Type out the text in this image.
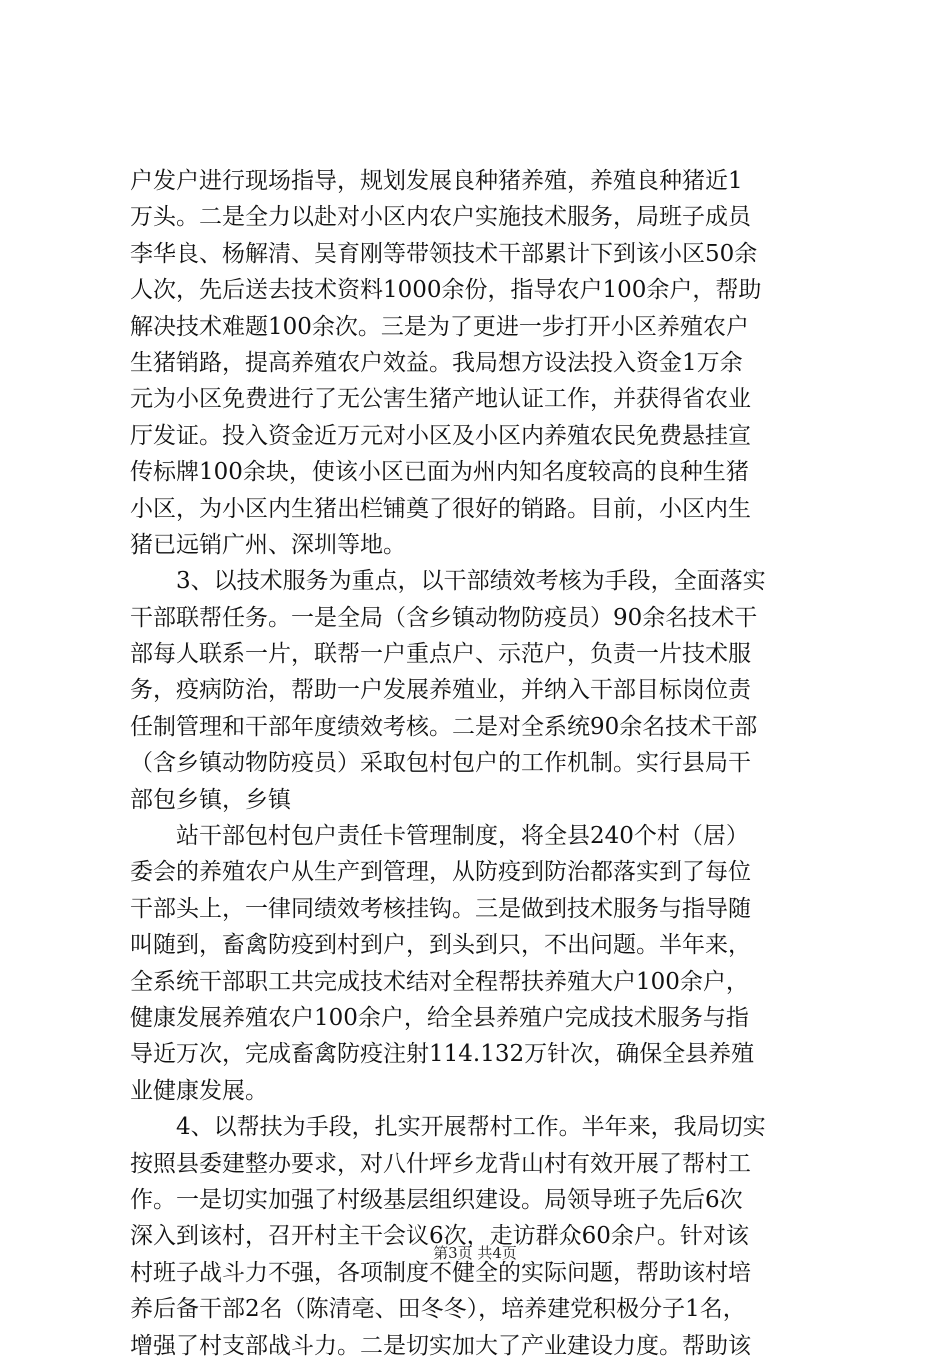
户发户进行现场指导，规划发展良种猪养殖，养殖良种猪近1
万头。二是全力以赴对小区内农户实施技术服务，局班子成员
李华良、杨解清、吴育刚等带领技术干部累计下到该小区50余
人次，先后送去技术资料1000余份，指导农户100余户，帮助
解决技术难题100余次。三是为了更进一步打开小区养殖农户
生猪销路，提高养殖农户效益。我局想方设法投入资金1万余
元为小区免费进行了无公害生猪产地认证工作，并获得省农业
厅发证。投入资金近万元对小区及小区内养殖农民免费悬挂宣
传标牌100余块，使该小区已面为州内知名度较高的良种生猪
小区，为小区内生猪出栏铺奠了很好的销路。目前，小区内生
猪已远销广州、深圳等地。
　　3、以技术服务为重点，以干部绩效考核为手段，全面落实
干部联帮任务。一是全局（含乡镇动物防疫员）90余名技术干
部每人联系一片，联帮一户重点户、示范户，负责一片技术服
务，疫病防治，帮助一户发展养殖业，并纳入干部目标岗位责
任制管理和干部年度绩效考核。二是对全系统90余名技术干部
（含乡镇动物防疫员）采取包村包户的工作机制。实行县局干
部包乡镇，乡镇
　　站干部包村包户责任卡管理制度，将全县240个村（居）
委会的养殖农户从生产到管理，从防疫到防治都落实到了每位
干部头上，一律同绩效考核挂钩。三是做到技术服务与指导随
叫随到，畜禽防疫到村到户，到头到只，不出问题。半年来，
全系统干部职工共完成技术结对全程帮扶养殖大户100余户，
健康发展养殖农户100余户，给全县养殖户完成技术服务与指
导近万次，完成畜禽防疫注射114.132万针次，确保全县养殖
业健康发展。
　　4、以帮扶为手段，扎实开展帮村工作。半年来，我局切实
按照县委建整办要求，对八什坪乡龙背山村有效开展了帮村工
作。一是切实加强了村级基层组织建设。局领导班子先后6次
深入到该村，召开村主干会议6次，走访群众60余户。针对该
村班子战斗力不强，各项制度不健全的实际问题，帮助该村培
养后备干部2名（陈清亳、田冬冬），培养建党积极分子1名，
增强了村支部战斗力。二是切实加大了产业建设力度。帮助该
第3页 共4页
